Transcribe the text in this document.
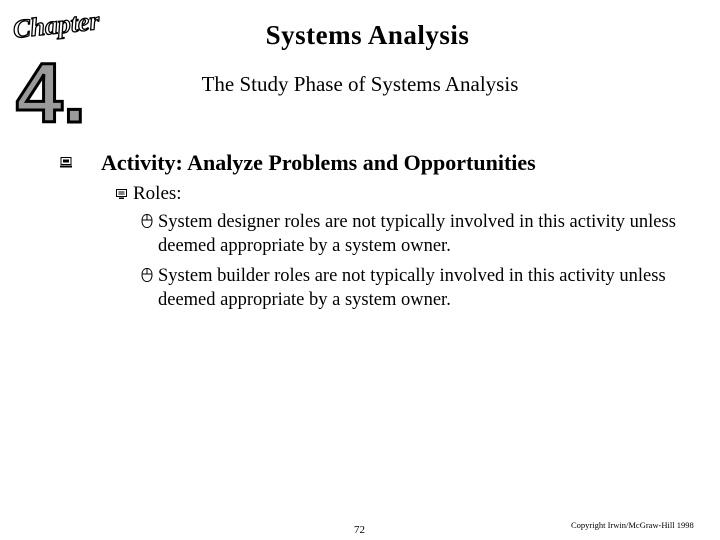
Chapter
4.
Systems Analysis
The Study Phase of Systems Analysis
Activity: Analyze Problems and Opportunities
Roles:
System designer roles are not typically involved in this activity unless deemed appropriate by a system owner.
System builder roles are not typically involved in this activity unless deemed appropriate by a system owner.
72	Copyright Irwin/McGraw-Hill 1998
